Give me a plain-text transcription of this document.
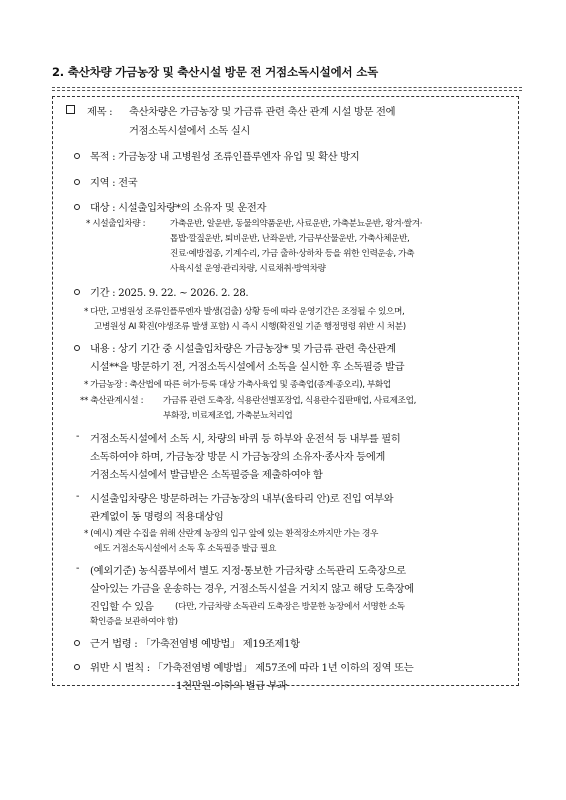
2. 축산차량 가금농장 및 축산시설 방문 전 거점소독시설에서 소독
제목 : 축산차량은 가금농장 및 가금류 관련 축산 관계 시설 방문 전에
거점소독시설에서 소독 실시
목적 : 가금농장 내 고병원성 조류인플루엔자 유입 및 확산 방지
지역 : 전국
대상 : 시설출입차량*의 소유자 및 운전자
* 시설출입차량 :	가축운반, 알운반, 동물의약품운반, 사료운반, 가축분뇨운반, 왕겨·쌀겨·
톱밥·깔짚운반, 퇴비운반, 난좌운반, 가금부산물운반, 가축사체운반,
진료·예방접종, 기계수리, 가금 출하·상하차 등을 위한 인력운송, 가축
사육시설 운영·관리차량, 시료채취·방역차량
기간 : 2025. 9. 22. ~ 2026. 2. 28.
* 다만, 고병원성 조류인플루엔자 발생(검출) 상황 등에 따라 운영기간은 조정될 수 있으며,
고병원성 AI 확진(야생조류 발생 포함) 시 즉시 시행(확진일 기준 행정명령 위반 시 처분)
내용 : 상기 기간 중 시설출입차량은 가금농장* 및 가금류 관련 축산관계
시설**을 방문하기 전, 거점소독시설에서 소독을 실시한 후 소독필증 발급
* 가금농장 : 축산법에 따른 허가·등록 대상 가축사육업 및 종축업(종계·종오리), 부화업
** 축산관계시설 : 가금류 관련 도축장, 식용란선별포장업, 식용란수집판매업, 사료제조업,
부화장, 비료제조업, 가축분뇨처리업
- 거점소독시설에서 소독 시, 차량의 바퀴 등 하부와 운전석 등 내부를 필히
소독하여야 하며, 가금농장 방문 시 가금농장의 소유자·종사자 등에게
거점소독시설에서 발급받은 소독필증을 제출하여야 함
- 시설출입차량은 방문하려는 가금농장의 내부(울타리 안)로 진입 여부와
관계없이 동 명령의 적용대상임
* (예시) 계란 수집을 위해 산란계 농장의 입구 앞에 있는 환적장소까지만 가는 경우
에도 거점소독시설에서 소독 후 소독필증 발급 필요
- (예외기준) 농식품부에서 별도 지정·통보한 가금차량 소독관리 도축장으로
살아있는 가금을 운송하는 경우, 거점소독시설을 거치지 않고 해당 도축장에
진입할 수 있음 (다만, 가금차량 소독관리 도축장은 방문한 농장에서 서명한 소독
확인증을 보관하여야 함)
근거 법령 : 「가축전염병 예방법」 제19조제1항
위반 시 벌칙 : 「가축전염병 예방법」 제57조에 따라 1년 이하의 징역 또는
1천만원 이하의 벌금 부과
